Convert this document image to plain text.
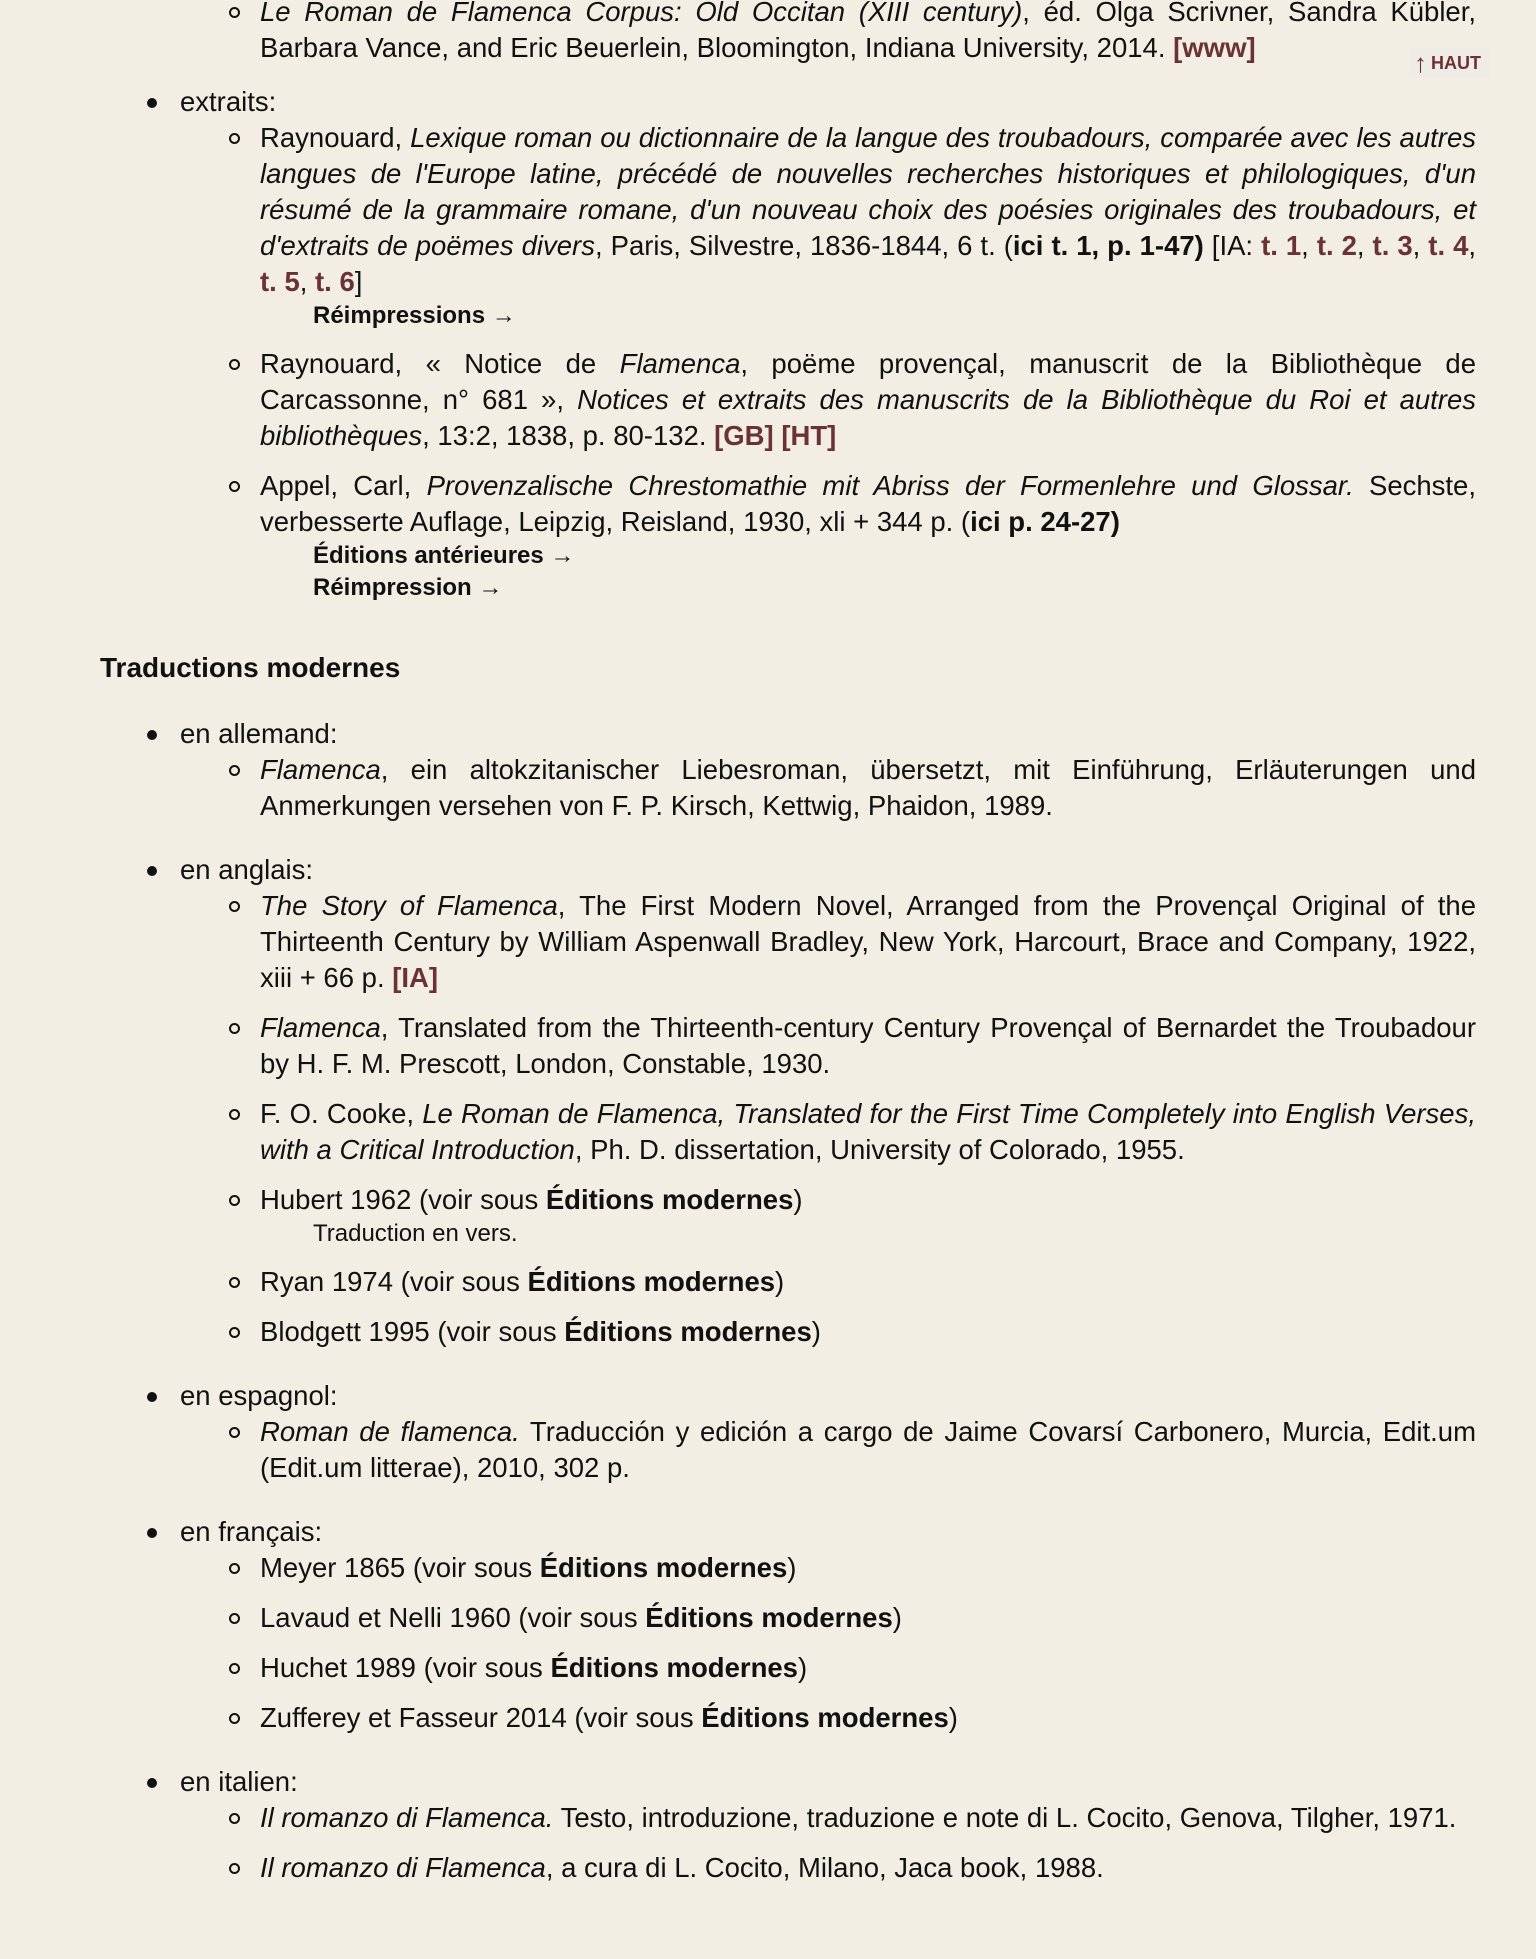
Le Roman de Flamenca Corpus: Old Occitan (XIII century), éd. Olga Scrivner, Sandra Kübler, Barbara Vance, and Eric Beuerlein, Bloomington, Indiana University, 2014. [www]
extraits:
Raynouard, Lexique roman ou dictionnaire de la langue des troubadours, comparée avec les autres langues de l'Europe latine, précédé de nouvelles recherches historiques et philologiques, d'un résumé de la grammaire romane, d'un nouveau choix des poésies originales des troubadours, et d'extraits de poëmes divers, Paris, Silvestre, 1836-1844, 6 t. (ici t. 1, p. 1-47) [IA: t. 1, t. 2, t. 3, t. 4, t. 5, t. 6]
Réimpressions →
Raynouard, « Notice de Flamenca, poëme provençal, manuscrit de la Bibliothèque de Carcassonne, n° 681 », Notices et extraits des manuscrits de la Bibliothèque du Roi et autres bibliothèques, 13:2, 1838, p. 80-132. [GB] [HT]
Appel, Carl, Provenzalische Chrestomathie mit Abriss der Formenlehre und Glossar. Sechste, verbesserte Auflage, Leipzig, Reisland, 1930, xli + 344 p. (ici p. 24-27)
Éditions antérieures →
Réimpression →
Traductions modernes
en allemand:
Flamenca, ein altokzitanischer Liebesroman, übersetzt, mit Einführung, Erläuterungen und Anmerkungen versehen von F. P. Kirsch, Kettwig, Phaidon, 1989.
en anglais:
The Story of Flamenca, The First Modern Novel, Arranged from the Provençal Original of the Thirteenth Century by William Aspenwall Bradley, New York, Harcourt, Brace and Company, 1922, xiii + 66 p. [IA]
Flamenca, Translated from the Thirteenth-century Century Provençal of Bernardet the Troubadour by H. F. M. Prescott, London, Constable, 1930.
F. O. Cooke, Le Roman de Flamenca, Translated for the First Time Completely into English Verses, with a Critical Introduction, Ph. D. dissertation, University of Colorado, 1955.
Hubert 1962 (voir sous Éditions modernes)
Traduction en vers.
Ryan 1974 (voir sous Éditions modernes)
Blodgett 1995 (voir sous Éditions modernes)
en espagnol:
Roman de flamenca. Traducción y edición a cargo de Jaime Covarsí Carbonero, Murcia, Edit.um (Edit.um litterae), 2010, 302 p.
en français:
Meyer 1865 (voir sous Éditions modernes)
Lavaud et Nelli 1960 (voir sous Éditions modernes)
Huchet 1989 (voir sous Éditions modernes)
Zufferey et Fasseur 2014 (voir sous Éditions modernes)
en italien:
Il romanzo di Flamenca. Testo, introduzione, traduzione e note di L. Cocito, Genova, Tilgher, 1971.
Il romanzo di Flamenca, a cura di L. Cocito, Milano, Jaca book, 1988.
↑ HAUT
